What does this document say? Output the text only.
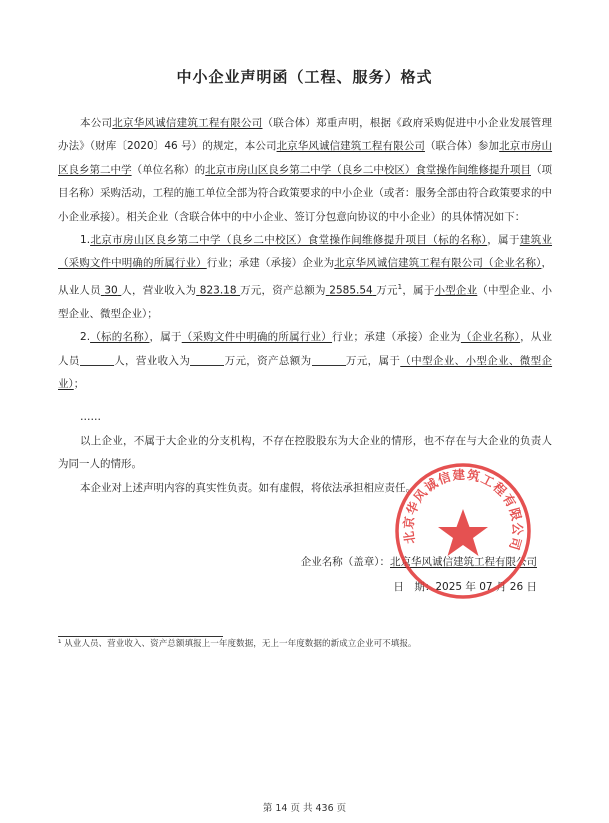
中小企业声明函（工程、服务）格式

本公司北京华风诚信建筑工程有限公司（联合体）郑重声明，根据《政府采购促进中小企业发展管理办法》（财库〔2020〕46 号）的规定，本公司北京华风诚信建筑工程有限公司（联合体）参加北京市房山区良乡第二中学（单位名称）的北京市房山区良乡第二中学（良乡二中校区）食堂操作间维修提升项目（项目名称）采购活动，工程的施工单位全部为符合政策要求的中小企业（或者：服务全部由符合政策要求的中小企业承接）。相关企业（含联合体中的中小企业、签订分包意向协议的中小企业）的具体情况如下：

1.北京市房山区良乡第二中学（良乡二中校区）食堂操作间维修提升项目（标的名称），属于建筑业（采购文件中明确的所属行业）行业；承建（承接）企业为北京华风诚信建筑工程有限公司（企业名称），从业人员 30 人，营业收入为 823.18 万元，资产总额为 2585.54 万元$^1$，属于小型企业（中型企业、小型企业、微型企业）；

2.（标的名称），属于（采购文件中明确的所属行业）行业；承建（承接）企业为（企业名称），从业人员	人，营业收入为	万元，资产总额为	万元，属于（中型企业、小型企业、微型企业）；

……

以上企业，不属于大企业的分支机构，不存在控股股东为大企业的情形，也不存在与大企业的负责人为同一人的情形。

本企业对上述声明内容的真实性负责。如有虚假，将依法承担相应责任。

企业名称（盖章）：北京华风诚信建筑工程有限公司
日　期：2025 年 07 月 26 日
北京华风诚信建筑工程有限公司
¹ 从业人员、营业收入、资产总额填报上一年度数据，无上一年度数据的新成立企业可不填报。
第 14 页 共 436 页
